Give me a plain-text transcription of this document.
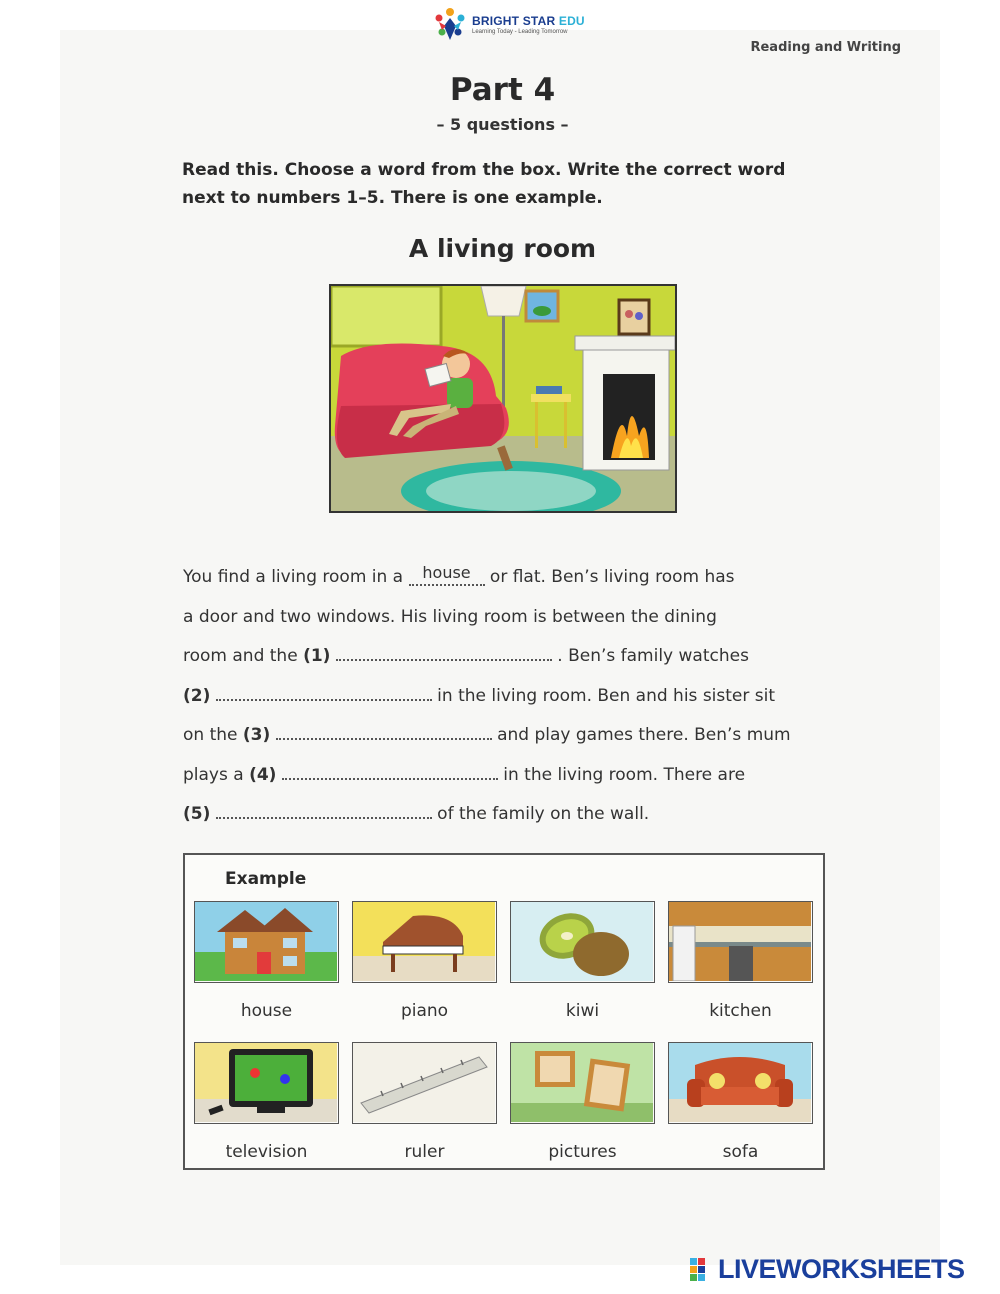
BRIGHT STAR EDU
Learning Today - Leading Tomorrow
Reading and Writing
Part 4
– 5 questions –
Read this. Choose a word from the box. Write the correct word next to numbers 1–5. There is one example.
A living room
You find a living room in a house or flat. Ben’s living room has
a door and two windows. His living room is between the dining
room and the (1)	. Ben’s family watches
(2)	in the living room. Ben and his sister sit
on the (3)	and play games there. Ben’s mum
plays a (4)	in the living room. There are
(5)	of the family on the wall.
Example
house	piano	kiwi	kitchen
television	ruler	pictures	sofa
LIVEWORKSHEETS
